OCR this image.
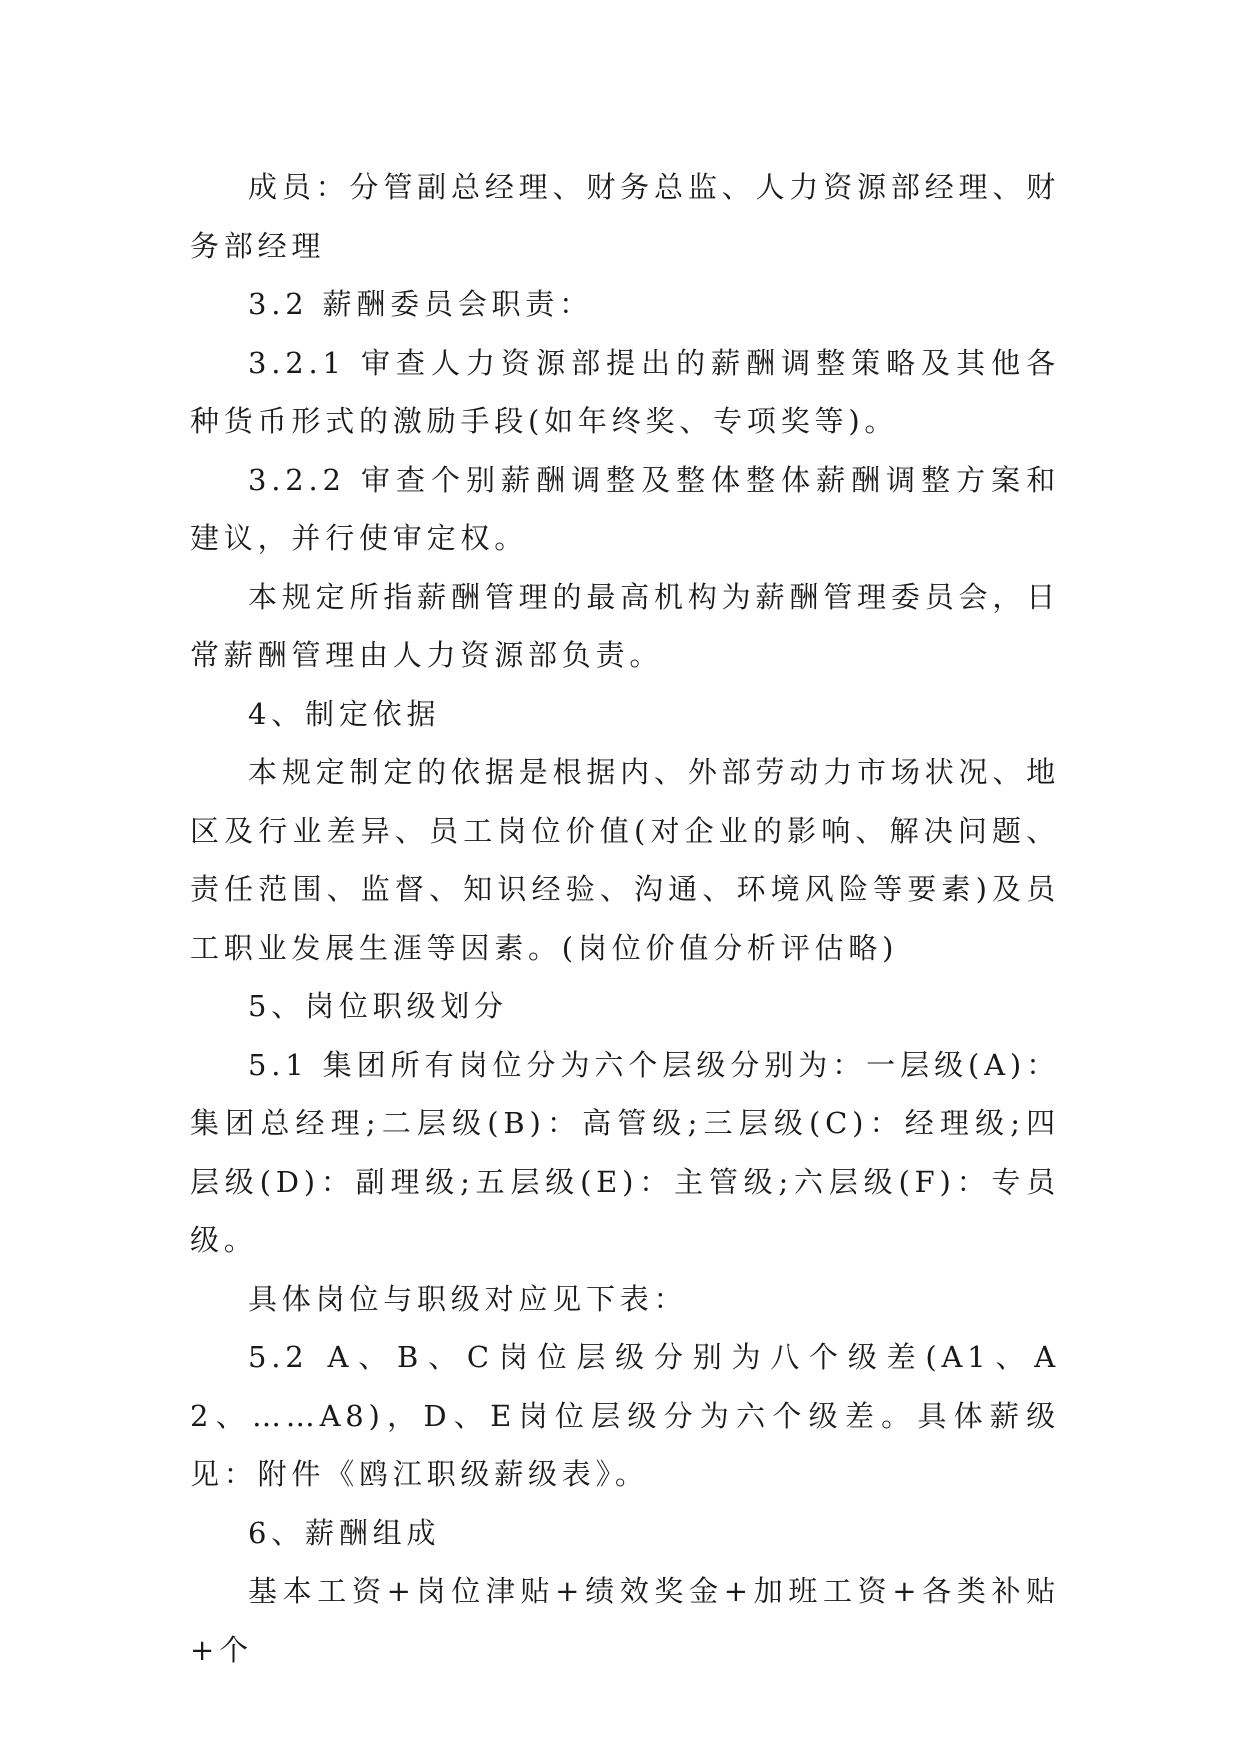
成员：分管副总经理、财务总监、人力资源部经理、财务部经理

3.2 薪酬委员会职责：

3.2.1 审查人力资源部提出的薪酬调整策略及其他各种货币形式的激励手段(如年终奖、专项奖等)。

3.2.2 审查个别薪酬调整及整体整体薪酬调整方案和建议，并行使审定权。

本规定所指薪酬管理的最高机构为薪酬管理委员会，日常薪酬管理由人力资源部负责。

4、制定依据

本规定制定的依据是根据内、外部劳动力市场状况、地区及行业差异、员工岗位价值(对企业的影响、解决问题、责任范围、监督、知识经验、沟通、环境风险等要素)及员工职业发展生涯等因素。(岗位价值分析评估略)

5、岗位职级划分

5.1 集团所有岗位分为六个层级分别为：一层级(A)：集团总经理;二层级(B)：高管级;三层级(C)：经理级;四层级(D)：副理级;五层级(E)：主管级;六层级(F)：专员级。

具体岗位与职级对应见下表：

5.2 A、B、C岗位层级分别为八个级差(A1、A2、……A8)，D、E岗位层级分为六个级差。具体薪级见：附件《鸥江职级薪级表》。

6、薪酬组成

基本工资+岗位津贴+绩效奖金+加班工资+各类补贴+个
